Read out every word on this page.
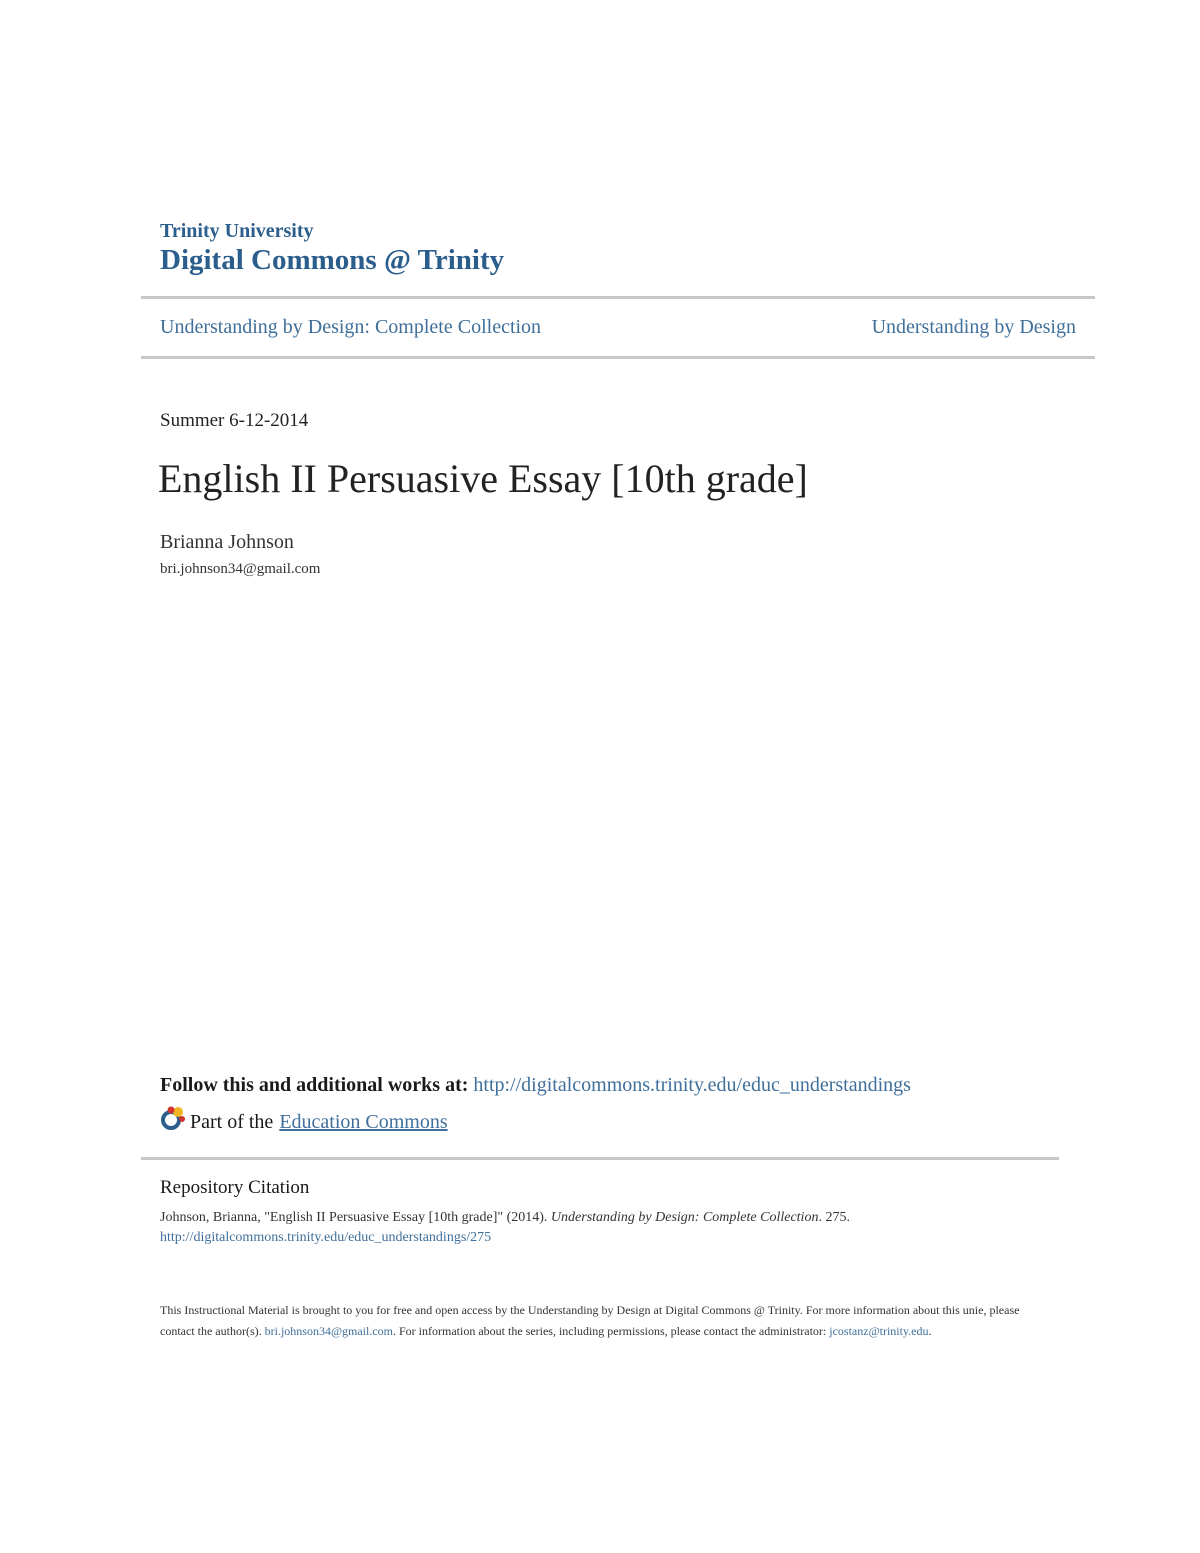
Trinity University
Digital Commons @ Trinity
Understanding by Design: Complete Collection	Understanding by Design
Summer 6-12-2014
English II Persuasive Essay [10th grade]
Brianna Johnson
bri.johnson34@gmail.com
Follow this and additional works at: http://digitalcommons.trinity.edu/educ_understandings
Part of the Education Commons
Repository Citation
Johnson, Brianna, "English II Persuasive Essay [10th grade]" (2014). Understanding by Design: Complete Collection. 275.
http://digitalcommons.trinity.edu/educ_understandings/275
This Instructional Material is brought to you for free and open access by the Understanding by Design at Digital Commons @ Trinity. For more information about this unie, please contact the author(s). bri.johnson34@gmail.com. For information about the series, including permissions, please contact the administrator: jcostanz@trinity.edu.
